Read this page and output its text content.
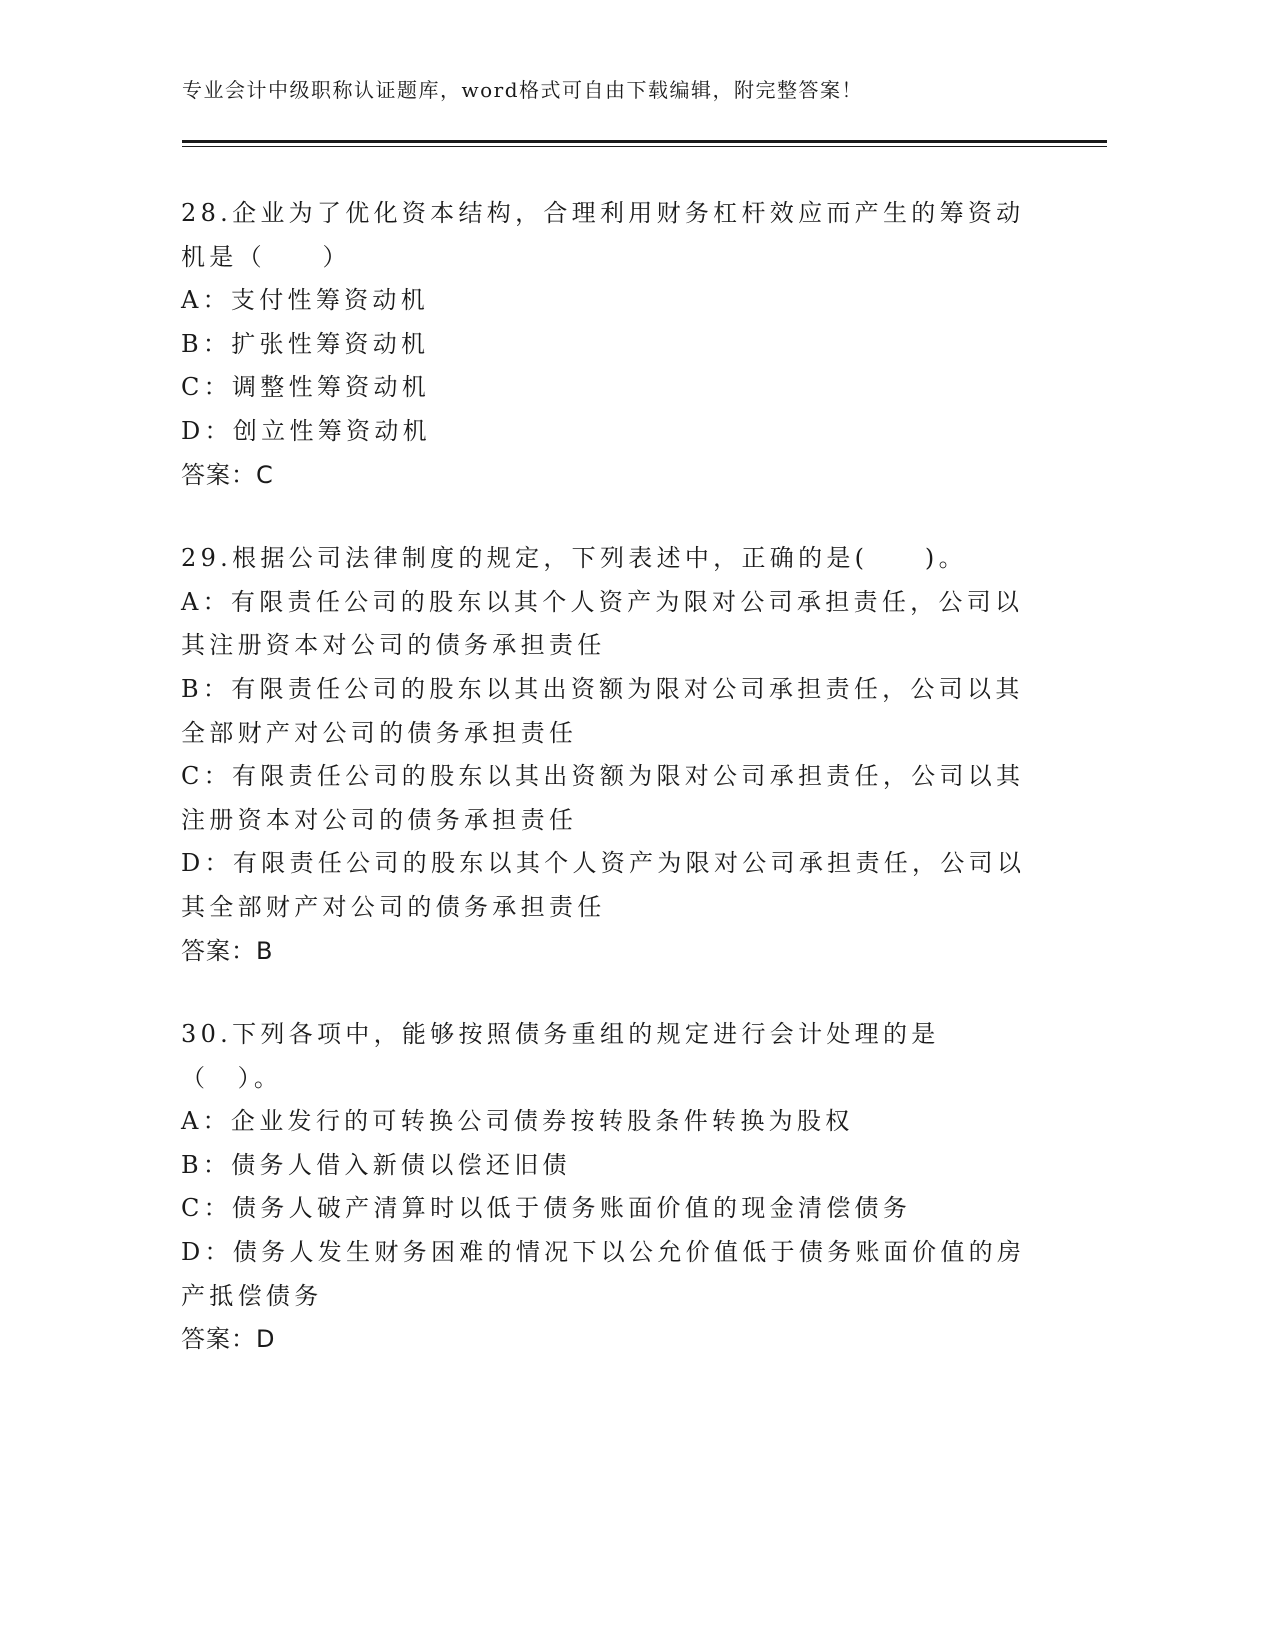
专业会计中级职称认证题库，word格式可自由下载编辑，附完整答案！

28.企业为了优化资本结构，合理利用财务杠杆效应而产生的筹资动机是（　　）

A：支付性筹资动机

B：扩张性筹资动机

C：调整性筹资动机

D：创立性筹资动机

答案：C

29.根据公司法律制度的规定，下列表述中，正确的是(　　)。

A：有限责任公司的股东以其个人资产为限对公司承担责任，公司以其注册资本对公司的债务承担责任

B：有限责任公司的股东以其出资额为限对公司承担责任，公司以其全部财产对公司的债务承担责任

C：有限责任公司的股东以其出资额为限对公司承担责任，公司以其注册资本对公司的债务承担责任

D：有限责任公司的股东以其个人资产为限对公司承担责任，公司以其全部财产对公司的债务承担责任

答案：B

30.下列各项中，能够按照债务重组的规定进行会计处理的是（　）。

A：企业发行的可转换公司债券按转股条件转换为股权

B：债务人借入新债以偿还旧债

C：债务人破产清算时以低于债务账面价值的现金清偿债务

D：债务人发生财务困难的情况下以公允价值低于债务账面价值的房产抵偿债务

答案：D
